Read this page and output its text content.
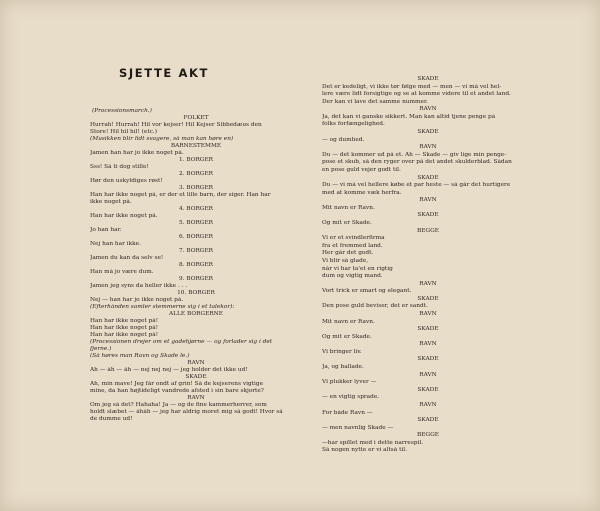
SJETTE AKT
(Processionsmarch.)
FOLKET
Hurrah! Hurrah! Hil vor kejser! Hil Kejser Sibbedæus den
Store! Hil hil hil! (etc.)
(Musikken blir lidt svagere, så man kan høre en)
BARNESTEMME
Jamen han har jo ikke noget på.
1. BORGER
Sss! Så ti dog stille!
2. BORGER
Hør den uskyldiges røst!
3. BORGER
Han har ikke noget på, er der et lille barn, der siger. Han har
ikke noget på.
4. BORGER
Han har ikke noget på.
5. BORGER
Jo han har.
6. BORGER
Nej han har ikke.
7. BORGER
Jamen du kan da selv se!
8. BORGER
Han må jo være dum.
9. BORGER
Jamen jeg syns da heller ikke . . .
10. BORGER
Nej — han har jo ikke noget på.
(Efterhånden samler stemmerne sig i et talekor):
ALLE BORGERNE
Han har ikke noget på!
Han har ikke noget på!
Han har ikke noget på!
(Processionen drejer om et gadehjørne — og forlader sig i det
fjerne.)
(Så høres man Ravn og Skade le.)
RAVN
Åh — åh — åh — nej nej nej — jeg holder det ikke ud!
SKADE
Åh, min mave! Jeg får ondt af grin! Så de kejserens vigtige
mine, da han højtideligt vandrede afsted i sin bare skjorte?
RAVN
Om jeg så det? Hahaha! Ja — og de fine kammerherrer, som
holdt slæbet — åhåh — jeg har aldrig moret mig så godt! Hvor så
de dumme ud!
SKADE
Det er kedeligt, vi ikke tør følge med — men — vi må vel hel-
lere være lidt forsigtige og se at komme videre til et andet land.
Der kan vi lave det samme nummer.
RAVN
Ja, det kan vi ganske sikkert. Man kan altid tjene penge på
folks forfængelighed.
SKADE
— og dumhed.
RAVN
Du — det kommer ud på et. Åh — Skade — giv lige min penge-
pose et skub, så den ryger over på det andet skulderblad. Sådan
en pose guld vejer godt til.
SKADE
Du — vi må vel hellere købe et par heste — så går det hurtigere
med at komme væk herfra.
RAVN
Mit navn er Ravn.
SKADE
Og mit er Skade.
BEGGE
Vi er et svindlerfirma
fra et fremmed land.
Her går det godt.
Vi blir så glade,
når vi har ta'et en rigtig
dum og vigtig mand.
RAVN
Vort trick er smart og elegant.
SKADE
Den pose guld beviser, det er sandt.
RAVN
Mit navn er Ravn.
SKADE
Og mit er Skade.
RAVN
Vi bringer liv.
SKADE
Ja, og ballade.
RAVN
Vi plukker lyver —
SKADE
— en vigtig sprade.
RAVN
For både Ravn —
SKADE
— men navnlig Skade —
BEGGE
—har spillet med i dette narrespil.
Så nogen nytte er vi altså til.
